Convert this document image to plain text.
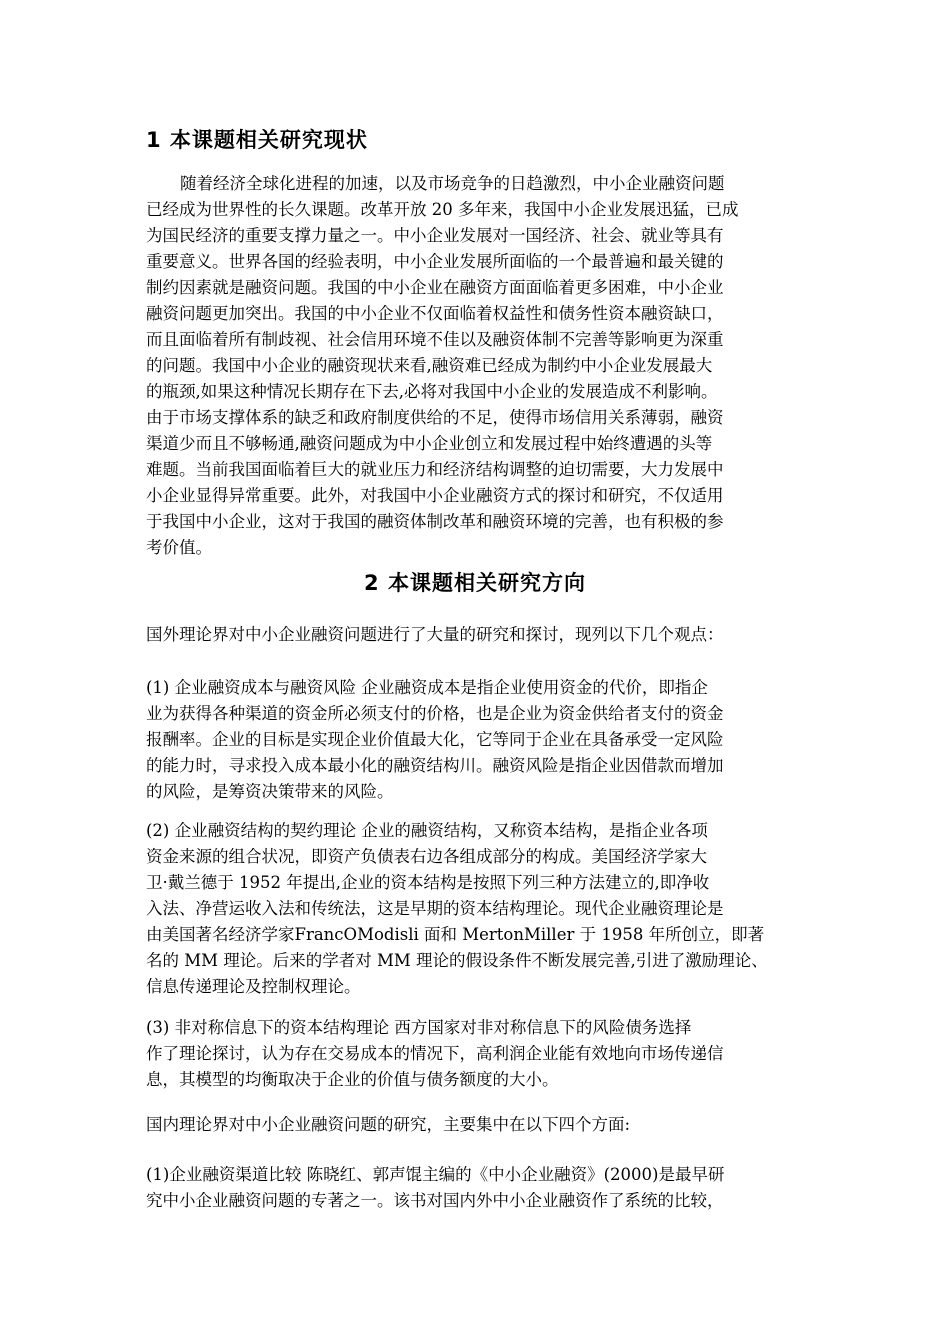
1 本课题相关研究现状
随着经济全球化进程的加速，以及市场竞争的日趋激烈，中小企业融资问题
已经成为世界性的长久课题。改革开放 20 多年来，我国中小企业发展迅猛，已成
为国民经济的重要支撑力量之一。中小企业发展对一国经济、社会、就业等具有
重要意义。世界各国的经验表明，中小企业发展所面临的一个最普遍和最关键的
制约因素就是融资问题。我国的中小企业在融资方面面临着更多困难，中小企业
融资问题更加突出。我国的中小企业不仅面临着权益性和债务性资本融资缺口，
而且面临着所有制歧视、社会信用环境不佳以及融资体制不完善等影响更为深重
的问题。我国中小企业的融资现状来看,融资难已经成为制约中小企业发展最大
的瓶颈,如果这种情况长期存在下去,必将对我国中小企业的发展造成不利影响。
由于市场支撑体系的缺乏和政府制度供给的不足，使得市场信用关系薄弱，融资
渠道少而且不够畅通,融资问题成为中小企业创立和发展过程中始终遭遇的头等
难题。当前我国面临着巨大的就业压力和经济结构调整的迫切需要，大力发展中
小企业显得异常重要。此外，对我国中小企业融资方式的探讨和研究，不仅适用
于我国中小企业，这对于我国的融资体制改革和融资环境的完善，也有积极的参
考价值。
2 本课题相关研究方向
国外理论界对中小企业融资问题进行了大量的研究和探讨，现列以下几个观点：
(1) 企业融资成本与融资风险 企业融资成本是指企业使用资金的代价，即指企
业为获得各种渠道的资金所必须支付的价格，也是企业为资金供给者支付的资金
报酬率。企业的目标是实现企业价值最大化，它等同于企业在具备承受一定风险
的能力时，寻求投入成本最小化的融资结构川。融资风险是指企业因借款而增加
的风险，是筹资决策带来的风险。
(2) 企业融资结构的契约理论 企业的融资结构，又称资本结构，是指企业各项
资金来源的组合状况，即资产负债表右边各组成部分的构成。美国经济学家大
卫·戴兰德于 1952 年提出,企业的资本结构是按照下列三种方法建立的,即净收
入法、净营运收入法和传统法，这是早期的资本结构理论。现代企业融资理论是
由美国著名经济学家FrancOModisli 面和 MertonMiller 于 1958 年所创立，即著
名的 MM 理论。后来的学者对 MM 理论的假设条件不断发展完善,引进了激励理论、
信息传递理论及控制权理论。
(3) 非对称信息下的资本结构理论 西方国家对非对称信息下的风险债务选择
作了理论探讨，认为存在交易成本的情况下，高利润企业能有效地向市场传递信
息，其模型的均衡取决于企业的价值与债务额度的大小。
国内理论界对中小企业融资问题的研究，主要集中在以下四个方面:
(1)企业融资渠道比较 陈晓红、郭声馄主编的《中小企业融资》(2000)是最早研
究中小企业融资问题的专著之一。该书对国内外中小企业融资作了系统的比较，
